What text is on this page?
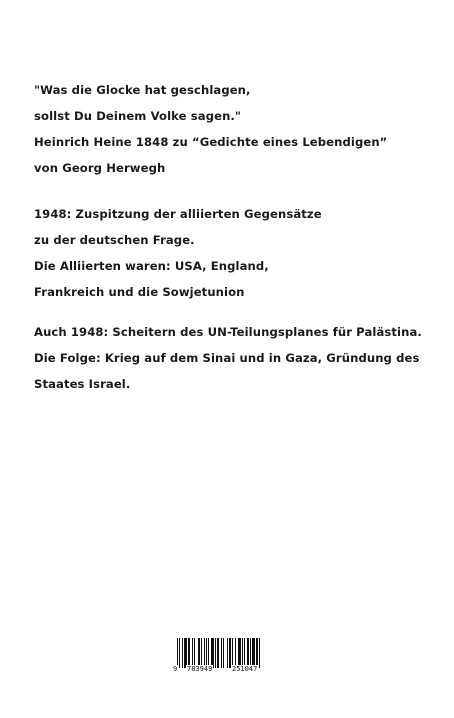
"Was die Glocke hat geschlagen,
sollst Du Deinem Volke sagen."
Heinrich Heine 1848 zu “Gedichte eines Lebendigen”
von Georg Herwegh
1948: Zuspitzung der alliierten Gegensätze
zu der deutschen Frage.
Die Alliierten waren: USA, England,
Frankreich und die Sowjetunion
Auch 1948: Scheitern des UN-Teilungsplanes für Palästina.
Die Folge: Krieg auf dem Sinai und in Gaza, Gründung des
Staates Israel.
9 783949	251047
